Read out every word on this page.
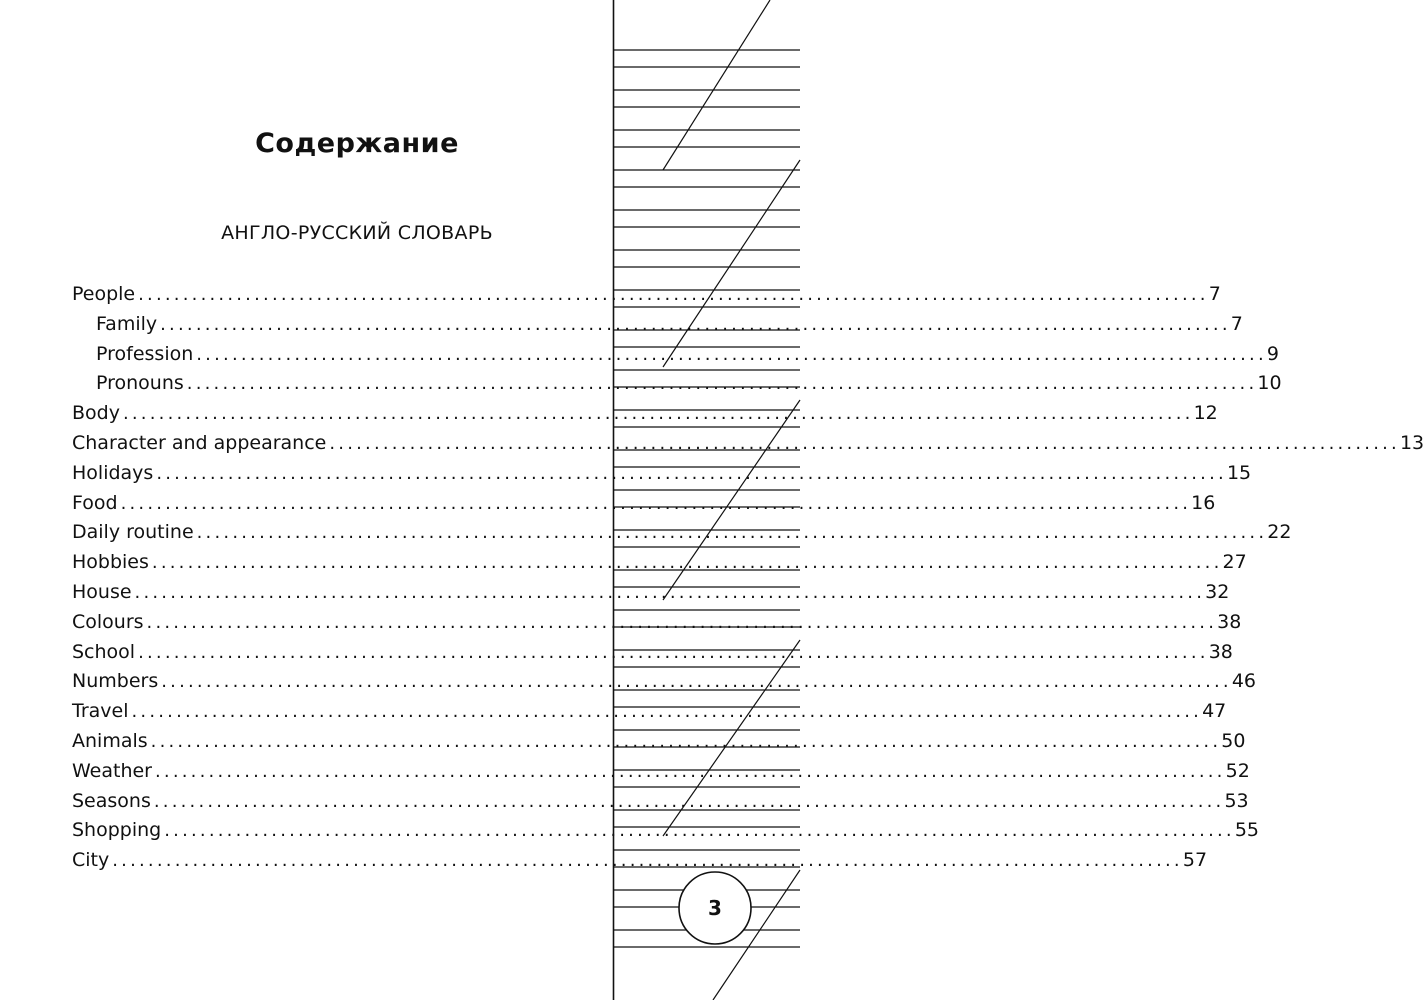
Содержание
АНГЛО-РУССКИЙ СЛОВАРЬ
People ........................................................................................................................ 7
Family ........................................................................................................................ 7
Profession ........................................................................................................................ 9
Pronouns ........................................................................................................................ 10
Body ........................................................................................................................ 12
Character and appearance ........................................................................................................................ 13
Holidays ........................................................................................................................ 15
Food ........................................................................................................................ 16
Daily routine ........................................................................................................................ 22
Hobbies ........................................................................................................................ 27
House ........................................................................................................................ 32
Colours ........................................................................................................................ 38
School ........................................................................................................................ 38
Numbers ........................................................................................................................ 46
Travel ........................................................................................................................ 47
Animals ........................................................................................................................ 50
Weather ........................................................................................................................ 52
Seasons ........................................................................................................................ 53
Shopping ........................................................................................................................ 55
City ........................................................................................................................ 57
3
